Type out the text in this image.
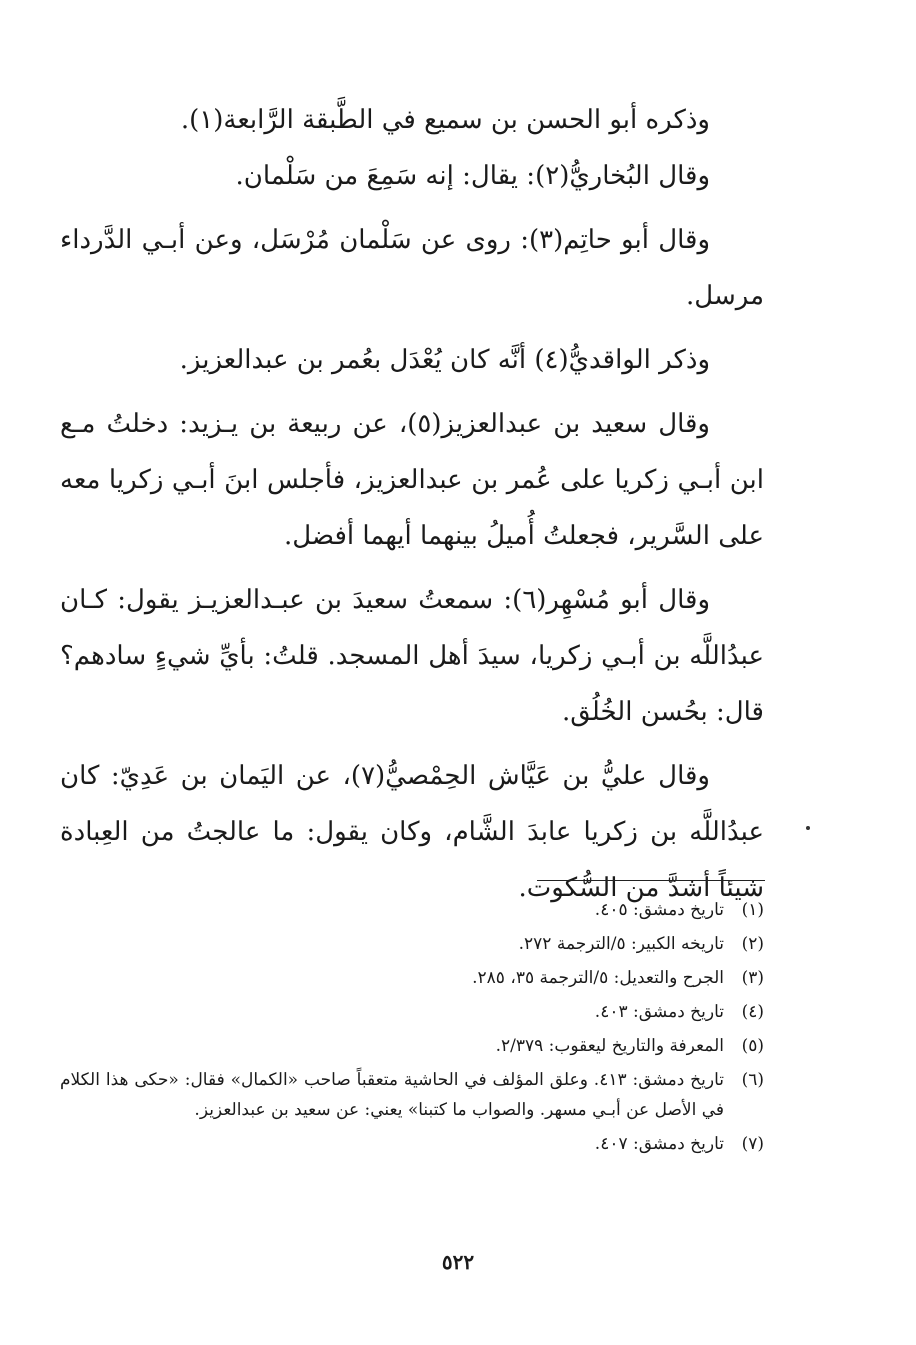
وذكره أبو الحسن بن سميع في الطَّبقة الرَّابعة(١).

وقال البُخاريُّ(٢): يقال: إنه سَمِعَ من سَلْمان.

وقال أبو حاتِم(٣): روى عن سَلْمان مُرْسَل، وعن أبـي الدَّرداء مرسل.

وذكر الواقديُّ(٤) أنَّه كان يُعْدَل بعُمر بن عبدالعزيز.

وقال سعيد بن عبدالعزيز(٥)، عن ربيعة بن يـزيد: دخلتُ مـع ابن أبـي زكريا على عُمر بن عبدالعزيز، فأجلس ابنَ أبـي زكريا معه على السَّرير، فجعلتُ أُميلُ بينهما أيهما أفضل.

وقال أبو مُسْهِر(٦): سمعتُ سعيدَ بن عبـدالعزيـز يقول: كـان عبدُاللَّه بن أبـي زكريا، سيدَ أهل المسجد. قلتُ: بأيِّ شيءٍ سادهم؟ قال: بحُسن الخُلُق.

وقال عليُّ بن عَيَّاش الحِمْصيُّ(٧)، عن اليَمان بن عَدِيّ: كان عبدُاللَّه بن زكريا عابدَ الشَّام، وكان يقول: ما عالجتُ من العِبادة شيئاً أشدَّ من السُّكوت.

(١)
تاريخ دمشق: ٤٠٥.
(٢)
تاريخه الكبير: ٥/الترجمة ٢٧٢.
(٣)
الجرح والتعديل: ٥/الترجمة ٣٥، ٢٨٥.
(٤)
تاريخ دمشق: ٤٠٣.
(٥)
المعرفة والتاريخ ليعقوب: ٢/٣٧٩.
(٦)
تاريخ دمشق: ٤١٣. وعلق المؤلف في الحاشية متعقباً صاحب «الكمال» فقال: «حكى هذا الكلام في الأصل عن أبـي مسهر. والصواب ما كتبنا» يعني: عن سعيد بن عبدالعزيز.
(٧)
تاريخ دمشق: ٤٠٧.
٥٢٢
